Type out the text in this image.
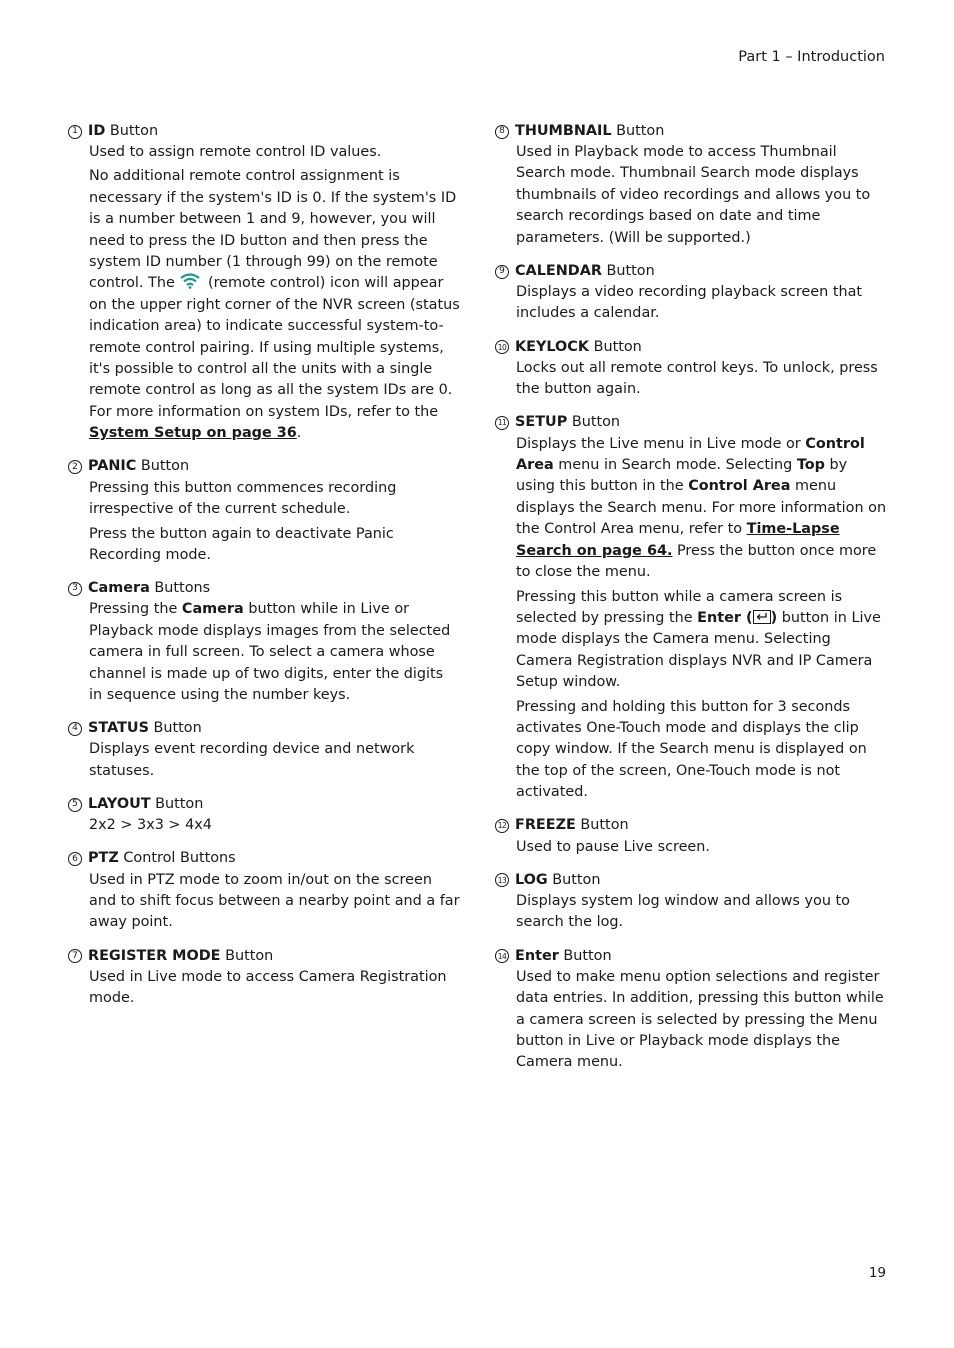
Part 1 – Introduction
1 ID Button

Used to assign remote control ID values.

No additional remote control assignment is necessary if the system's ID is 0. If the system's ID is a number between 1 and 9, however, you will need to press the ID button and then press the system ID number (1 through 99) on the remote control. The  (remote control) icon will appear on the upper right corner of the NVR screen (status indication area) to indicate successful system-to-remote control pairing. If using multiple systems, it's possible to control all the units with a single remote control as long as all the system IDs are 0. For more information on system IDs, refer to the System Setup on page 36.

2 PANIC Button

Pressing this button commences recording irrespective of the current schedule.

Press the button again to deactivate Panic Recording mode.

3 Camera Buttons

Pressing the Camera button while in Live or Playback mode displays images from the selected camera in full screen. To select a camera whose channel is made up of two digits, enter the digits in sequence using the number keys.

4 STATUS Button

Displays event recording device and network statuses.

5 LAYOUT Button

2x2 > 3x3 > 4x4

6 PTZ Control Buttons

Used in PTZ mode to zoom in/out on the screen and to shift focus between a nearby point and a far away point.

7 REGISTER MODE Button

Used in Live mode to access Camera Registration mode.

8 THUMBNAIL Button

Used in Playback mode to access Thumbnail Search mode. Thumbnail Search mode displays thumbnails of video recordings and allows you to search recordings based on date and time parameters. (Will be supported.)

9 CALENDAR Button

Displays a video recording playback screen that includes a calendar.

10 KEYLOCK Button

Locks out all remote control keys. To unlock, press the button again.

11 SETUP Button

Displays the Live menu in Live mode or Control Area menu in Search mode. Selecting Top by using this button in the Control Area menu displays the Search menu. For more information on the Control Area menu, refer to Time-Lapse Search on page 64. Press the button once more to close the menu.

Pressing this button while a camera screen is selected by pressing the Enter ( ) button in Live mode displays the Camera menu. Selecting Camera Registration displays NVR and IP Camera Setup window.

Pressing and holding this button for 3 seconds activates One-Touch mode and displays the clip copy window. If the Search menu is displayed on the top of the screen, One-Touch mode is not activated.

12 FREEZE Button

Used to pause Live screen.

13 LOG Button

Displays system log window and allows you to search the log.

14 Enter Button

Used to make menu option selections and register data entries. In addition, pressing this button while a camera screen is selected by pressing the Menu button in Live or Playback mode displays the Camera menu.

19
